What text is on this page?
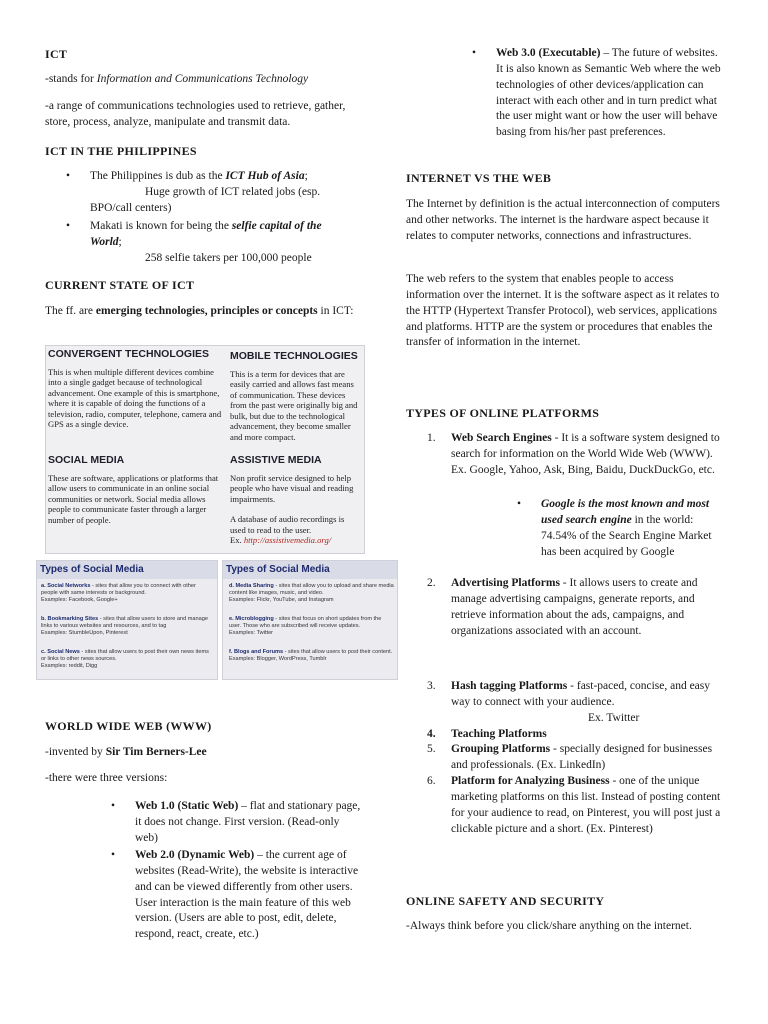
ICT

-stands for Information and Communications Technology

-a range of communications technologies used to retrieve, gather, store, process, analyze, manipulate and transmit data.

ICT IN THE PHILIPPINES
• The Philippines is dub as the ICT Hub of Asia;
Huge growth of ICT related jobs (esp. BPO/call centers)
• Makati is known for being the selfie capital of the World;
258 selfie takers per 100,000 people
CURRENT STATE OF ICT

The ff. are emerging technologies, principles or concepts in ICT:

CONVERGENT TECHNOLOGIES
This is when multiple different devices combine into a single gadget because of technological advancement. One example of this is smartphone, where it is capable of doing the functions of a television, radio, computer, telephone, camera and GPS as a single device.
MOBILE TECHNOLOGIES
This is a term for devices that are easily carried and allows fast means of communication. These devices from the past were originally big and bulk, but due to the technological advancement, they become smaller and more compact.
SOCIAL MEDIA
These are software, applications or platforms that allow users to communicate in an online social communities or network. Social media allows people to communicate faster through a larger number of people.
ASSISTIVE MEDIA
Non profit service designed to help people who have visual and reading impairments.
A database of audio recordings is used to read to the user.
Ex. http://assistivemedia.org/
Types of Social Media
a. Social Networks - sites that allow you to connect with other people with same interests or background.
Examples: Facebook, Google+
b. Bookmarking Sites - sites that allow users to store and manage links to various websites and resources, and to tag
Examples: StumbleUpon, Pinterest
c. Social News - sites that allow users to post their own news items or links to other news sources.
Examples: reddit, Digg
Types of Social Media
d. Media Sharing - sites that allow you to upload and share media content like images, music, and video.
Examples: Flickr, YouTube, and Instagram
e. Microblogging - sites that focus on short updates from the user. Those who are subscribed will receive updates.
Examples: Twitter
f. Blogs and Forums - sites that allow users to post their content.
Examples: Blogger, WordPress, Tumblr
WORLD WIDE WEB (WWW)

-invented by Sir Tim Berners-Lee

-there were three versions:

• Web 1.0 (Static Web) – flat and stationary page, it does not change. First version. (Read-only web)
• Web 2.0 (Dynamic Web) – the current age of websites (Read-Write), the website is interactive and can be viewed differently from other users. User interaction is the main feature of this web version. (Users are able to post, edit, delete, respond, react, create, etc.)
• Web 3.0 (Executable) – The future of websites. It is also known as Semantic Web where the web technologies of other devices/application can interact with each other and in turn predict what the user might want or how the user will behave basing from his/her past preferences.
INTERNET VS THE WEB

The Internet by definition is the actual interconnection of computers and other networks. The internet is the hardware aspect because it relates to computer networks, connections and infrastructures.

The web refers to the system that enables people to access information over the internet. It is the software aspect as it relates to the HTTP (Hypertext Transfer Protocol), web services, applications and platforms. HTTP are the system or procedures that enables the transfer of information in the internet.

TYPES OF ONLINE PLATFORMS
1. Web Search Engines - It is a software system designed to search for information on the World Wide Web (WWW). Ex. Google, Yahoo, Ask, Bing, Baidu, DuckDuckGo, etc.
• Google is the most known and most used search engine in the world: 74.54% of the Search Engine Market has been acquired by Google
2. Advertising Platforms - It allows users to create and manage advertising campaigns, generate reports, and retrieve information about the ads, campaigns, and organizations associated with an account.
3. Hash tagging Platforms - fast-paced, concise, and easy way to connect with your audience.
Ex. Twitter
4. Teaching Platforms
5. Grouping Platforms - specially designed for businesses and professionals. (Ex. LinkedIn)
6. Platform for Analyzing Business - one of the unique marketing platforms on this list. Instead of posting content for your audience to read, on Pinterest, you will post just a clickable picture and a short. (Ex. Pinterest)
ONLINE SAFETY AND SECURITY

-Always think before you click/share anything on the internet.
